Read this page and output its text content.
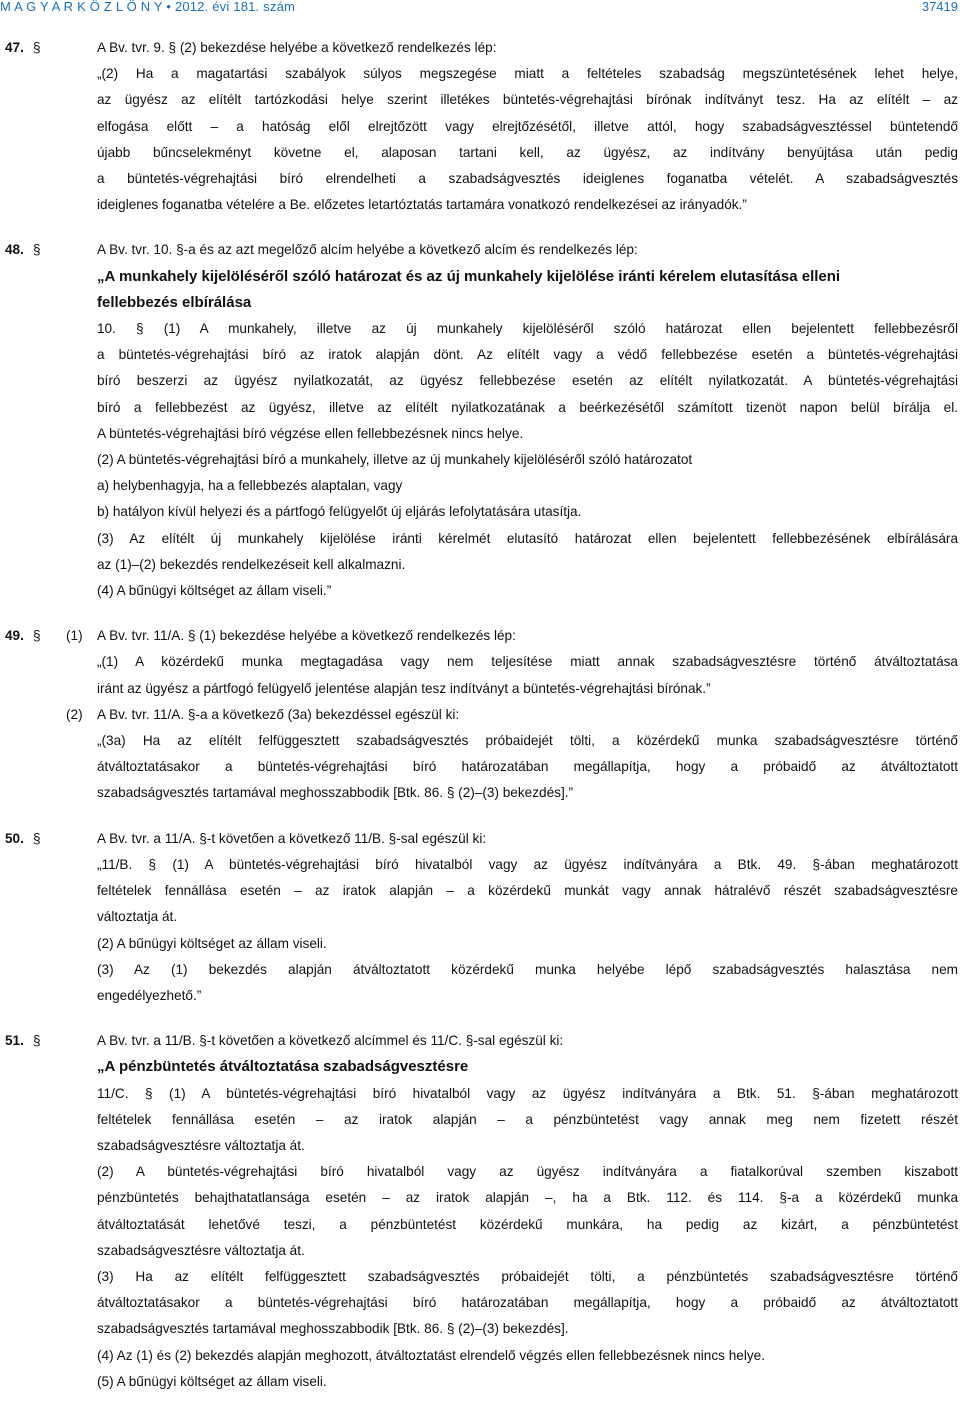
M A G Y A R K Ö Z L Ö N Y • 2012. évi 181. szám	37419
47. §	A Bv. tvr. 9. § (2) bekezdése helyébe a következő rendelkezés lép:
„(2) Ha a magatartási szabályok súlyos megszegése miatt a feltételes szabadság megszüntetésének lehet helye,
az ügyész az elítélt tartózkodási helye szerint illetékes büntetés-végrehajtási bírónak indítványt tesz. Ha az elítélt – az
elfogása előtt – a hatóság elől elrejtőzött vagy elrejtőzésétől, illetve attól, hogy szabadságvesztéssel büntetendő
újabb bűncselekményt követne el, alaposan tartani kell, az ügyész, az indítvány benyújtása után pedig
a büntetés-végrehajtási bíró elrendelheti a szabadságvesztés ideiglenes foganatba vételét. A szabadságvesztés
ideiglenes foganatba vételére a Be. előzetes letartóztatás tartamára vonatkozó rendelkezései az irányadók.”
48. §	A Bv. tvr. 10. §-a és az azt megelőző alcím helyébe a következő alcím és rendelkezés lép:
„A munkahely kijelöléséről szóló határozat és az új munkahely kijelölése iránti kérelem elutasítása elleni
fellebbezés elbírálása
10. § (1) A munkahely, illetve az új munkahely kijelöléséről szóló határozat ellen bejelentett fellebbezésről
a büntetés-végrehajtási bíró az iratok alapján dönt. Az elítélt vagy a védő fellebbezése esetén a büntetés-végrehajtási
bíró beszerzi az ügyész nyilatkozatát, az ügyész fellebbezése esetén az elítélt nyilatkozatát. A büntetés-végrehajtási
bíró a fellebbezést az ügyész, illetve az elítélt nyilatkozatának a beérkezésétől számított tizenöt napon belül bírálja el.
A büntetés-végrehajtási bíró végzése ellen fellebbezésnek nincs helye.
(2) A büntetés-végrehajtási bíró a munkahely, illetve az új munkahely kijelöléséről szóló határozatot
a) helybenhagyja, ha a fellebbezés alaptalan, vagy
b) hatályon kívül helyezi és a pártfogó felügyelőt új eljárás lefolytatására utasítja.
(3) Az elítélt új munkahely kijelölése iránti kérelmét elutasító határozat ellen bejelentett fellebbezésének elbírálására
az (1)–(2) bekezdés rendelkezéseit kell alkalmazni.
(4) A bűnügyi költséget az állam viseli.”
49. § (1) A Bv. tvr. 11/A. § (1) bekezdése helyébe a következő rendelkezés lép:
„(1) A közérdekű munka megtagadása vagy nem teljesítése miatt annak szabadságvesztésre történő átváltoztatása
iránt az ügyész a pártfogó felügyelő jelentése alapján tesz indítványt a büntetés-végrehajtási bírónak.”
(2) A Bv. tvr. 11/A. §-a a következő (3a) bekezdéssel egészül ki:
„(3a) Ha az elítélt felfüggesztett szabadságvesztés próbaidejét tölti, a közérdekű munka szabadságvesztésre történő
átváltoztatásakor a büntetés-végrehajtási bíró határozatában megállapítja, hogy a próbaidő az átváltoztatott
szabadságvesztés tartamával meghosszabbodik [Btk. 86. § (2)–(3) bekezdés].”
50. §	A Bv. tvr. a 11/A. §-t követően a következő 11/B. §-sal egészül ki:
„11/B. § (1) A büntetés-végrehajtási bíró hivatalból vagy az ügyész indítványára a Btk. 49. §-ában meghatározott
feltételek fennállása esetén – az iratok alapján – a közérdekű munkát vagy annak hátralévő részét szabadságvesztésre
változtatja át.
(2) A bűnügyi költséget az állam viseli.
(3) Az (1) bekezdés alapján átváltoztatott közérdekű munka helyébe lépő szabadságvesztés halasztása nem
engedélyezhető.”
51. §	A Bv. tvr. a 11/B. §-t követően a következő alcímmel és 11/C. §-sal egészül ki:
„A pénzbüntetés átváltoztatása szabadságvesztésre
11/C. § (1) A büntetés-végrehajtási bíró hivatalból vagy az ügyész indítványára a Btk. 51. §-ában meghatározott
feltételek fennállása esetén – az iratok alapján – a pénzbüntetést vagy annak meg nem fizetett részét
szabadságvesztésre változtatja át.
(2) A büntetés-végrehajtási bíró hivatalból vagy az ügyész indítványára a fiatalkorúval szemben kiszabott
pénzbüntetés behajthatatlansága esetén – az iratok alapján –, ha a Btk. 112. és 114. §-a a közérdekű munka
átváltoztatását lehetővé teszi, a pénzbüntetést közérdekű munkára, ha pedig az kizárt, a pénzbüntetést
szabadságvesztésre változtatja át.
(3) Ha az elítélt felfüggesztett szabadságvesztés próbaidejét tölti, a pénzbüntetés szabadságvesztésre történő
átváltoztatásakor a büntetés-végrehajtási bíró határozatában megállapítja, hogy a próbaidő az átváltoztatott
szabadságvesztés tartamával meghosszabbodik [Btk. 86. § (2)–(3) bekezdés].
(4) Az (1) és (2) bekezdés alapján meghozott, átváltoztatást elrendelő végzés ellen fellebbezésnek nincs helye.
(5) A bűnügyi költséget az állam viseli.
